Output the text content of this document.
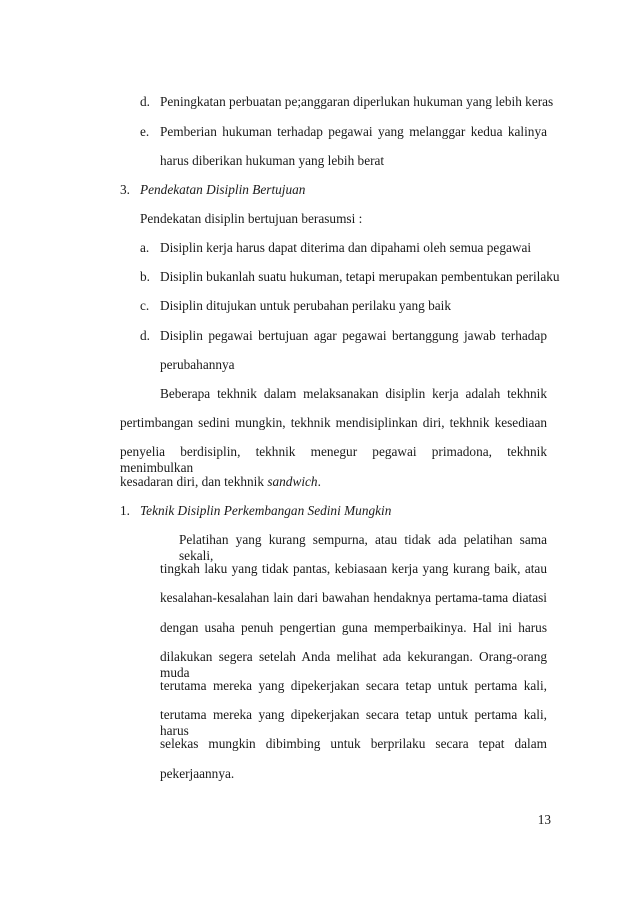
d. Peningkatan perbuatan pe;anggaran diperlukan hukuman yang lebih keras
e. Pemberian hukuman terhadap pegawai yang melanggar kedua kalinya
harus diberikan hukuman yang lebih berat
3. Pendekatan Disiplin Bertujuan
Pendekatan disiplin bertujuan berasumsi :
a. Disiplin kerja harus dapat diterima dan dipahami oleh semua pegawai
b. Disiplin bukanlah suatu hukuman, tetapi merupakan pembentukan perilaku
c. Disiplin ditujukan untuk perubahan perilaku yang baik
d. Disiplin pegawai bertujuan agar pegawai bertanggung jawab terhadap
perubahannya
Beberapa tekhnik dalam melaksanakan disiplin kerja adalah tekhnik
pertimbangan sedini mungkin, tekhnik mendisiplinkan diri, tekhnik kesediaan
penyelia berdisiplin, tekhnik menegur pegawai primadona, tekhnik menimbulkan
kesadaran diri, dan tekhnik sandwich.
1. Teknik Disiplin Perkembangan Sedini Mungkin
Pelatihan yang kurang sempurna, atau tidak ada pelatihan sama sekali,
tingkah laku yang tidak pantas, kebiasaan kerja yang kurang baik, atau
kesalahan-kesalahan lain dari bawahan hendaknya pertama-tama diatasi
dengan usaha penuh pengertian guna memperbaikinya. Hal ini harus
dilakukan segera setelah Anda melihat ada kekurangan. Orang-orang muda
terutama mereka yang dipekerjakan secara tetap untuk pertama kali,
terutama mereka yang dipekerjakan secara tetap untuk pertama kali, harus
selekas mungkin dibimbing untuk berprilaku secara tepat dalam
pekerjaannya.
13
